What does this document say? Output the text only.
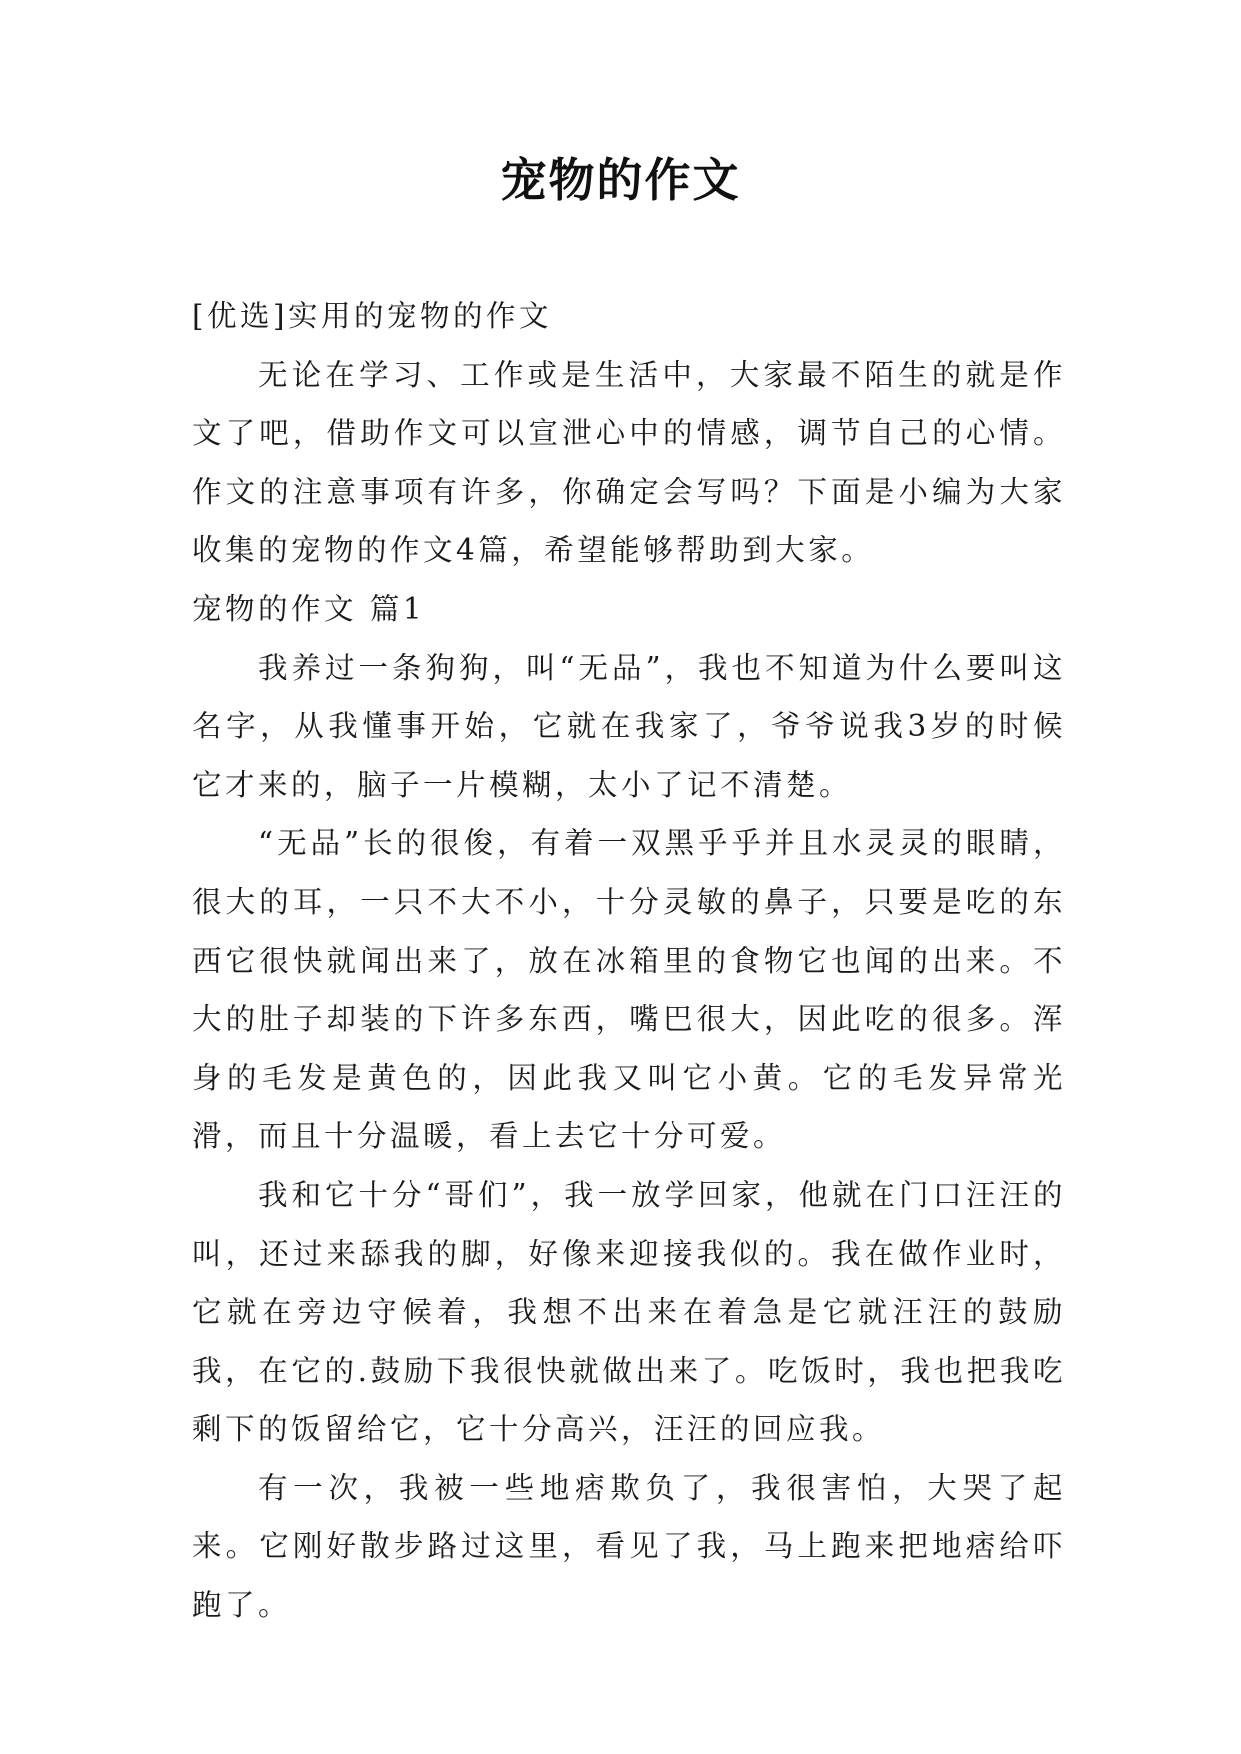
宠物的作文

[优选]实用的宠物的作文

无论在学习、工作或是生活中，大家最不陌生的就是作文了吧，借助作文可以宣泄心中的情感，调节自己的心情。作文的注意事项有许多，你确定会写吗？下面是小编为大家收集的宠物的作文4篇，希望能够帮助到大家。

宠物的作文 篇1

我养过一条狗狗，叫“无品”，我也不知道为什么要叫这名字，从我懂事开始，它就在我家了，爷爷说我3岁的时候它才来的，脑子一片模糊，太小了记不清楚。

“无品”长的很俊，有着一双黑乎乎并且水灵灵的眼睛，很大的耳，一只不大不小，十分灵敏的鼻子，只要是吃的东西它很快就闻出来了，放在冰箱里的食物它也闻的出来。不大的肚子却装的下许多东西，嘴巴很大，因此吃的很多。浑身的毛发是黄色的，因此我又叫它小黄。它的毛发异常光滑，而且十分温暖，看上去它十分可爱。

我和它十分“哥们”，我一放学回家，他就在门口汪汪的叫，还过来舔我的脚，好像来迎接我似的。我在做作业时，它就在旁边守候着，我想不出来在着急是它就汪汪的鼓励我，在它的.鼓励下我很快就做出来了。吃饭时，我也把我吃剩下的饭留给它，它十分高兴，汪汪的回应我。

有一次，我被一些地痞欺负了，我很害怕，大哭了起来。它刚好散步路过这里，看见了我，马上跑来把地痞给吓跑了。
